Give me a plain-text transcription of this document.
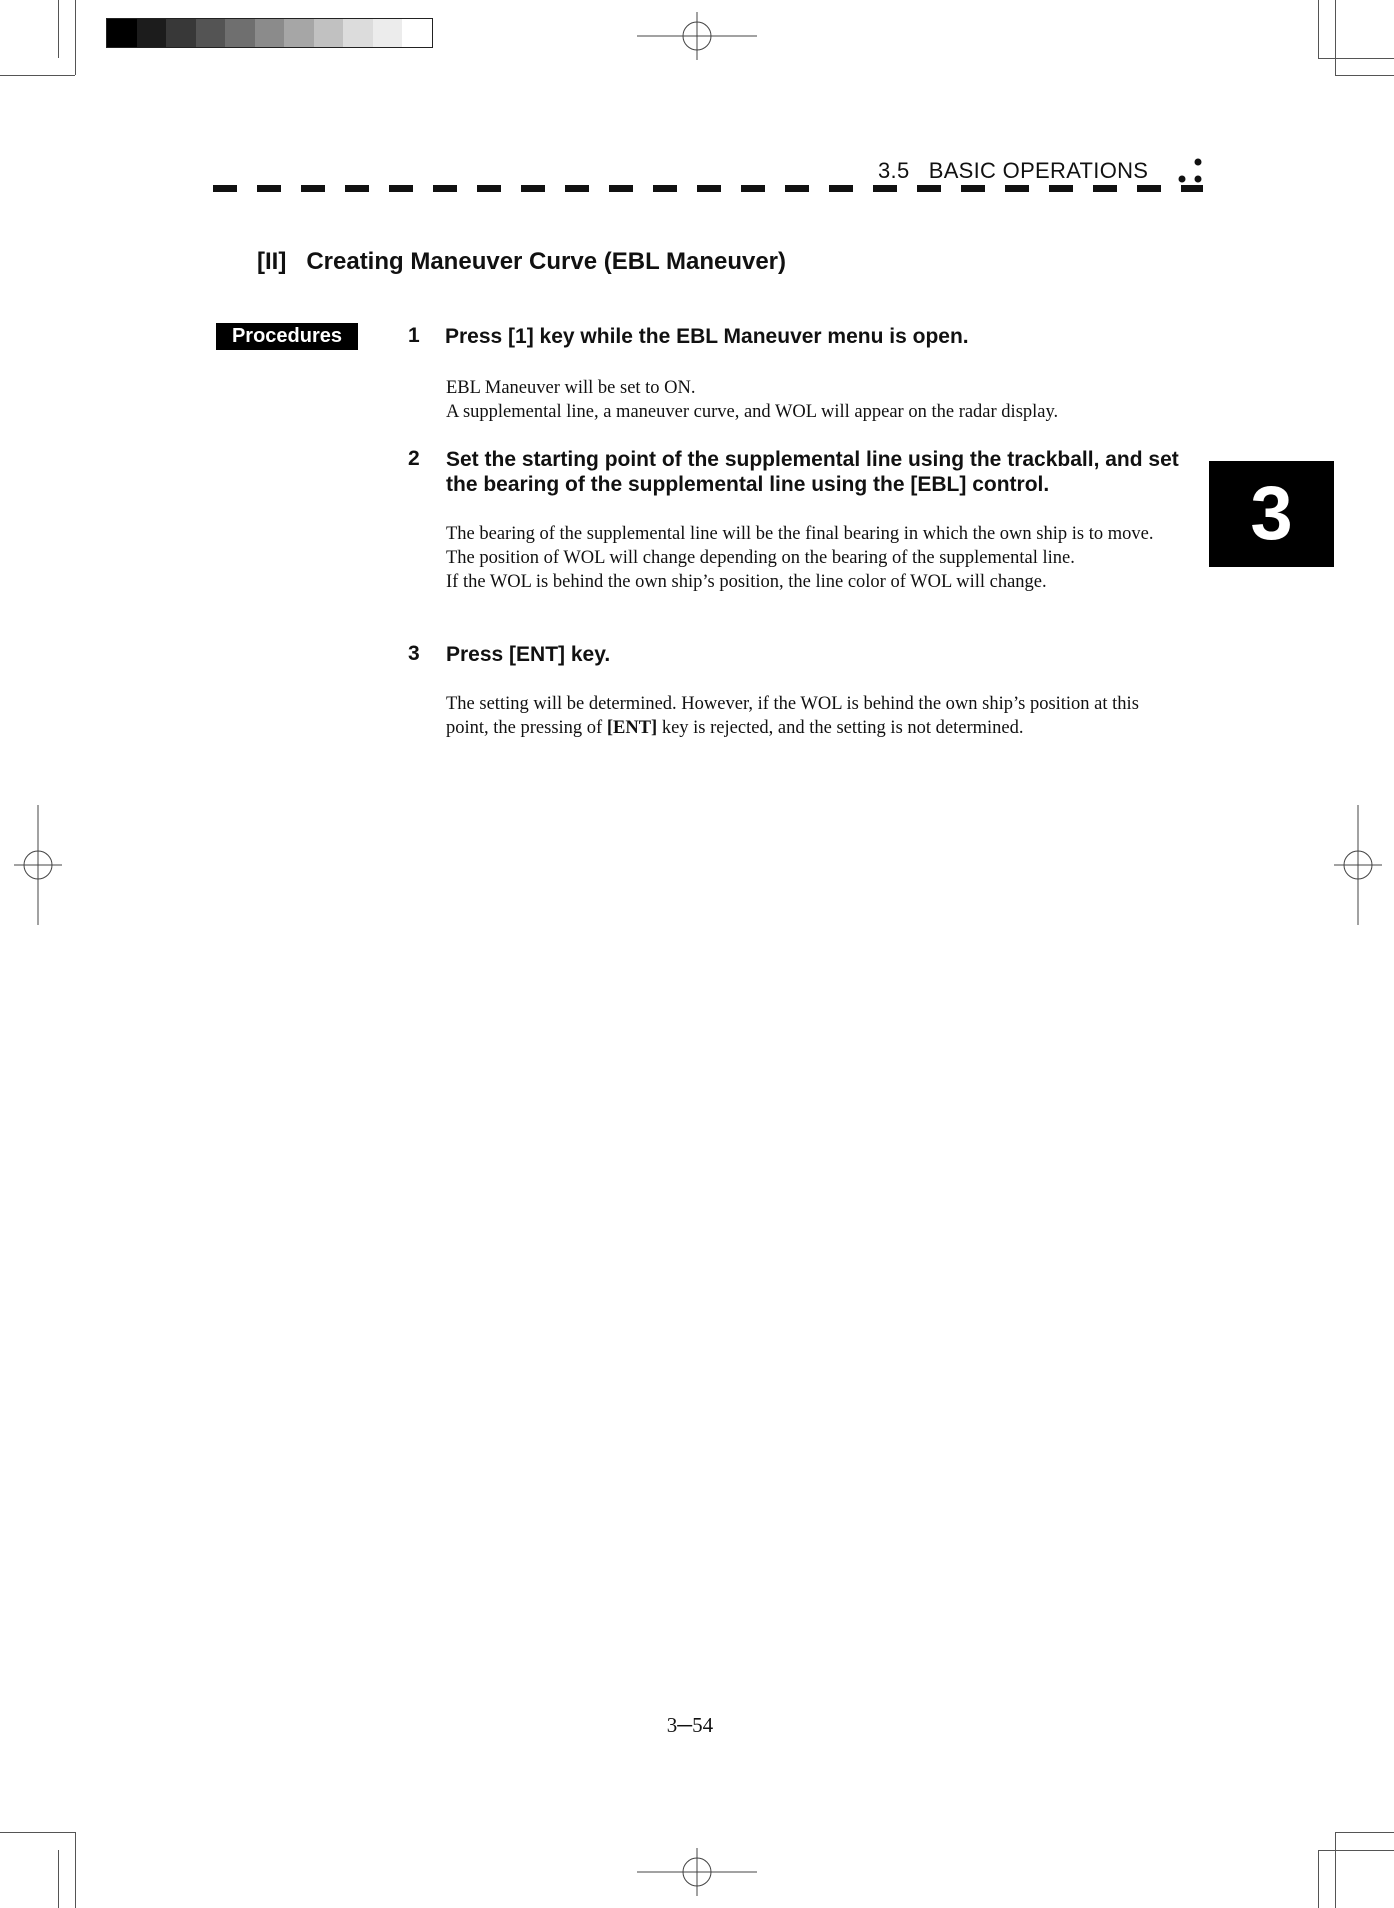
3.5   BASIC OPERATIONS
[II]   Creating Maneuver Curve (EBL Maneuver)
Procedures
3
1 Press [1] key while the EBL Maneuver menu is open.

EBL Maneuver will be set to ON.

A supplemental line, a maneuver curve, and WOL will appear on the radar display.

2 Set the starting point of the supplemental line using the trackball, and set the bearing of the supplemental line using the [EBL] control.

The bearing of the supplemental line will be the final bearing in which the own ship is to move.

The position of WOL will change depending on the bearing of the supplemental line.

If the WOL is behind the own ship’s position, the line color of WOL will change.

3 Press [ENT] key.

The setting will be determined. However, if the WOL is behind the own ship’s position at this point, the pressing of [ENT] key is rejected, and the setting is not determined.

3─54
